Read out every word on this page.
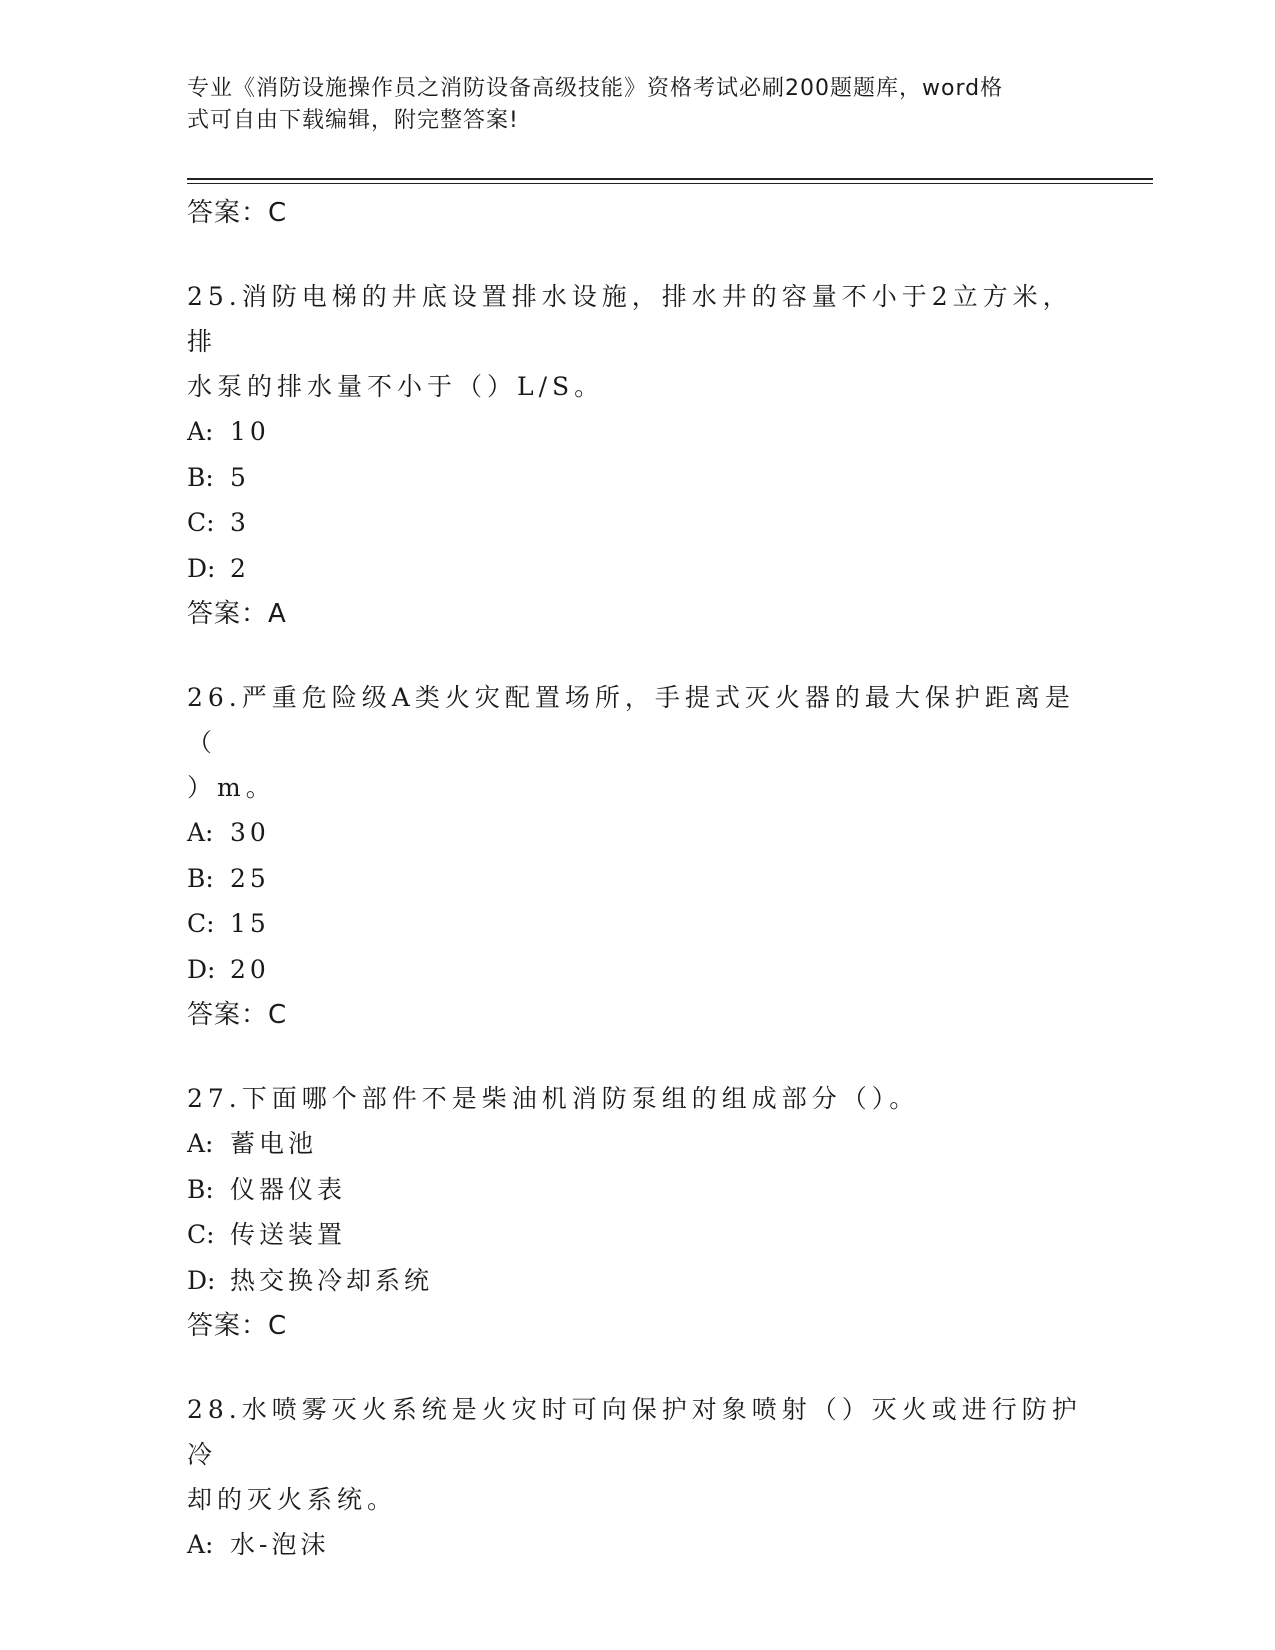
专业《消防设施操作员之消防设备高级技能》资格考试必刷200题题库，word格
式可自由下载编辑，附完整答案!
答案：C
25.消防电梯的井底设置排水设施，排水井的容量不小于2立方米，排
水泵的排水量不小于（）L/S。
A: 10
B: 5
C: 3
D: 2
答案：A
26.严重危险级A类火灾配置场所，手提式灭火器的最大保护距离是（
）m。
A: 30
B: 25
C: 15
D: 20
答案：C
27.下面哪个部件不是柴油机消防泵组的组成部分（）。
A: 蓄电池
B: 仪器仪表
C: 传送装置
D: 热交换冷却系统
答案：C
28.水喷雾灭火系统是火灾时可向保护对象喷射（）灭火或进行防护冷
却的灭火系统。
A: 水-泡沫
